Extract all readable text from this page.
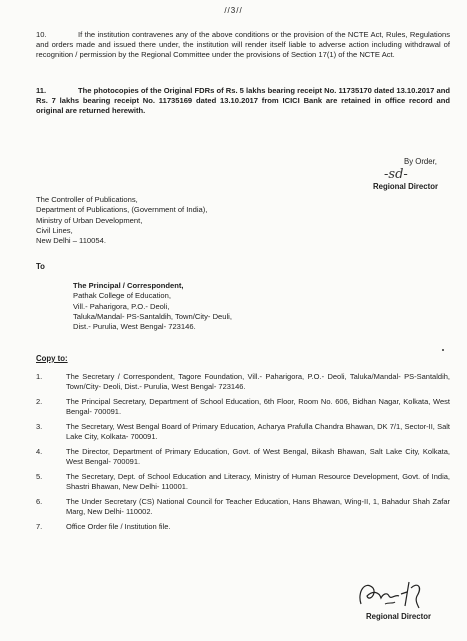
//3//
10.	If the institution contravenes any of the above conditions or the provision of the NCTE Act, Rules, Regulations and orders made and issued there under, the institution will render itself liable to adverse action including withdrawal of recognition / permission by the Regional Committee under the provisions of Section 17(1) of the NCTE Act.
11.	The photocopies of the Original FDRs of Rs. 5 lakhs bearing receipt No. 11735170 dated 13.10.2017 and Rs. 7 lakhs bearing receipt No. 11735169 dated 13.10.2017 from ICICI Bank are retained in office record and original are returned herewith.
By Order,
-sd-
Regional Director
The Controller of Publications,
Department of Publications, (Government of India),
Ministry of Urban Development,
Civil Lines,
New Delhi – 110054.
To
The Principal / Correspondent,
Pathak College of Education,
Vill.- Paharigora, P.O.- Deoli,
Taluka/Mandal- PS-Santaldih, Town/City- Deuli,
Dist.- Purulia, West Bengal- 723146.
Copy to:
1.	The Secretary / Correspondent, Tagore Foundation, Vill.- Paharigora, P.O.- Deoli, Taluka/Mandal- PS-Santaldih, Town/City- Deoli, Dist.- Purulia, West Bengal- 723146.
2.	The Principal Secretary, Department of School Education, 6th Floor, Room No. 606, Bidhan Nagar, Kolkata, West Bengal- 700091.
3.	The Secretary, West Bengal Board of Primary Education, Acharya Prafulla Chandra Bhawan, DK 7/1, Sector-II, Salt Lake City, Kolkata- 700091.
4.	The Director, Department of Primary Education, Govt. of West Bengal, Bikash Bhawan, Salt Lake City, Kolkata, West Bengal- 700091.
5.	The Secretary, Dept. of School Education and Literacy, Ministry of Human Resource Development, Govt. of India, Shastri Bhawan, New Delhi- 110001.
6.	The Under Secretary (CS) National Council for Teacher Education, Hans Bhawan, Wing-II, 1, Bahadur Shah Zafar Marg, New Delhi- 110002.
7.	Office Order file / Institution file.
Regional Director
